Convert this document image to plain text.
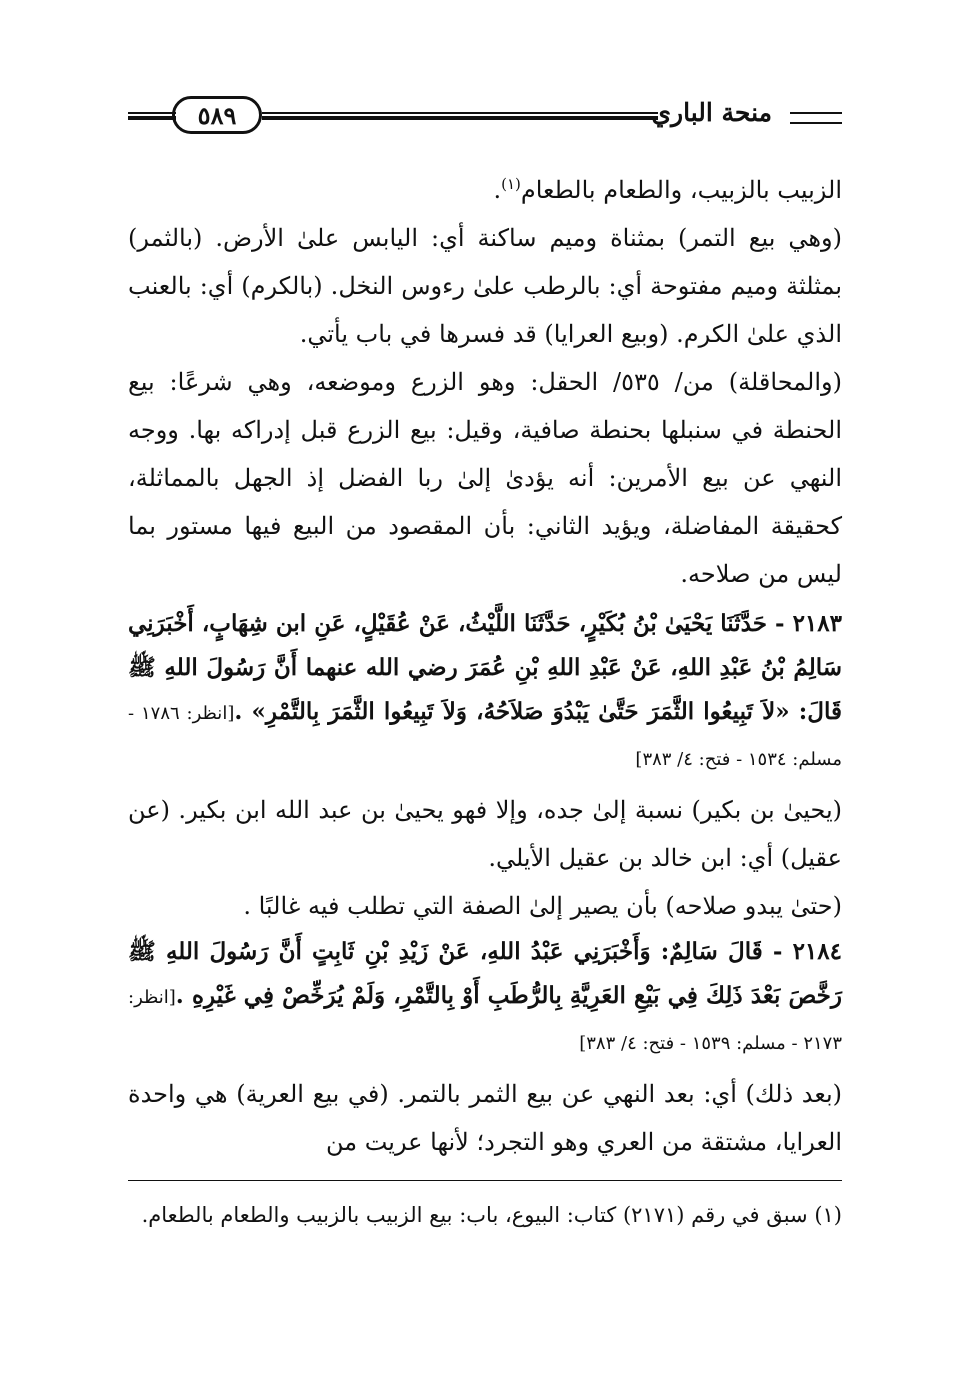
منحة الباري
٥٨٩

الزبيب بالزبيب، والطعام بالطعام$^{(١)}$.

(وهي بيع التمر) بمثناة وميم ساكنة أي: اليابس علىٰ الأرض. (بالثمر) بمثلثة وميم مفتوحة أي: بالرطب علىٰ رءوس النخل. (بالكرم) أي: بالعنب الذي علىٰ الكرم. (وبيع العرايا) قد فسرها في باب يأتي.

(والمحاقلة) من/ ٥٣٥/ الحقل: وهو الزرع وموضعه، وهي شرعًا: بيع الحنطة في سنبلها بحنطة صافية، وقيل: بيع الزرع قبل إدراكه بها. ووجه النهي عن بيع الأمرين: أنه يؤدىٰ إلىٰ ربا الفضل إذ الجهل بالمماثلة، كحقيقة المفاضلة، ويؤيد الثاني: بأن المقصود من البيع فيها مستور بما ليس من صلاحه.

٢١٨٣ - حَدَّثَنَا يَحْيَىٰ بْنُ بُكَيْرٍ، حَدَّثَنَا اللَّيْثُ، عَنْ عُقَيْلٍ، عَنِ ابن شِهَابٍ، أَخْبَرَنِي سَالِمُ بْنُ عَبْدِ اللهِ، عَنْ عَبْدِ اللهِ بْنِ عُمَرَ رضي الله عنهما أَنَّ رَسُولَ اللهِ ﷺ قَالَ: «لاَ تَبِيعُوا الثَّمَرَ حَتَّىٰ يَبْدُوَ صَلاَحُهُ، وَلاَ تَبِيعُوا الثَّمَرَ بِالتَّمْرِ» .[انظر: ١٧٨٦ - مسلم: ١٥٣٤ - فتح: ٤/ ٣٨٣]

(يحيىٰ بن بكير) نسبة إلىٰ جده، وإلا فهو يحيىٰ بن عبد الله ابن بكير. (عن عقيل) أي: ابن خالد بن عقيل الأيلي.

(حتىٰ يبدو صلاحه) بأن يصير إلىٰ الصفة التي تطلب فيه غالبًا .

٢١٨٤ - قَالَ سَالِمٌ: وَأَخْبَرَنِي عَبْدُ اللهِ، عَنْ زَيْدِ بْنِ ثَابِتٍ أَنَّ رَسُولَ اللهِ ﷺ رَخَّصَ بَعْدَ ذَلِكَ فِي بَيْعِ العَرِيَّةِ بِالرُّطَبِ أَوْ بِالتَّمْرِ، وَلَمْ يُرَخِّصْ فِي غَيْرِهِ .[انظر: ٢١٧٣ - مسلم: ١٥٣٩ - فتح: ٤/ ٣٨٣]

(بعد ذلك) أي: بعد النهي عن بيع الثمر بالتمر. (في بيع العرية) هي واحدة العرايا، مشتقة من العري وهو التجرد؛ لأنها عريت من

(١) سبق في رقم (٢١٧١) كتاب: البيوع، باب: بيع الزبيب بالزبيب والطعام بالطعام.
